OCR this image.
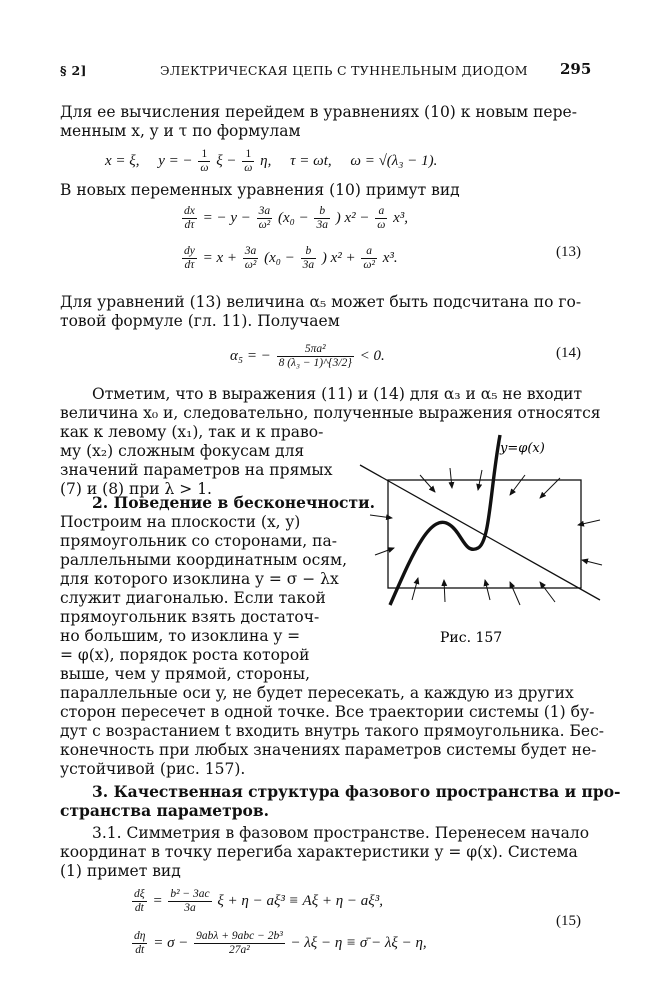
§ 2]	ЭЛЕКТРИЧЕСКАЯ ЦЕПЬ С ТУННЕЛЬНЫМ ДИОДОМ 295
Для ее вычисления перейдем в уравнениях (10) к новым пере-
менным x, y и τ по формулам
x = ξ, y = − $\frac{1}{\omega}$ $\xi - \frac{1}{\omega} \eta$, τ = ωt, ω = √(λ₃ − 1).
В новых переменных уравнения (10) примут вид
$\frac{dx}{d\tau}$ = − $y - \frac{3a}{\text{ω²}} (x_0 - \frac{b}{3a}$ ) $x^2 - \frac{a}{\omega} x^3$,
$\frac{dy}{d\tau} = x + \frac{3a}{\text{ω²}} (x_0 - \frac{b}{3a}$ ) $x^2 + \frac{a}{\text{ω²}} x^3$.	(13)
Для уравнений (13) величина α₅ может быть подсчитана по го-
товой формуле (гл. 11). Получаем
α₅ = − $\frac{\text{5πa²}}{\text{8 (λ₃ − 1)\textasciicircum{}\{3/2\}}} < 0$.	(14)
Отметим, что в выражения (11) и (14) для α₃ и α₅ не входит
величина x₀ и, следовательно, полученные выражения относятся
как к левому (x₁), так и к право-
му (x₂) сложным фокусам для
значений параметров на прямых
(7) и (8) при λ > 1.
2. Поведение в бесконечности.
Построим на плоскости (x, y)
прямоугольник со сторонами, па-
раллельными координатным осям,
для которого изоклина y = σ − λx
служит диагональю. Если такой
прямоугольник взять достаточ-
но большим, то изоклина y =
= φ(x), порядок роста которой
выше, чем у прямой, стороны,
y=φ(x)
Рис. 157
параллельные оси y, не будет пересекать, а каждую из других
сторон пересечет в одной точке. Все траектории системы (1) бу-
дут с возрастанием t входить внутрь такого прямоугольника. Бес-
конечность при любых значениях параметров системы будет не-
устойчивой (рис. 157).
3. Качественная структура фазового пространства и про-
странства параметров.
3.1. Симметрия в фазовом пространстве. Перенесем начало
координат в точку перегиба характеристики y = φ(x). Система
(1) примет вид
$\frac{d\xi}{dt} = \frac{\text{b² − 3ac}}{3a}$ ξ + η − aξ³ ≡ Aξ + η − aξ³,
$\frac{d\eta}{dt} = \sigma - \frac{\text{9abλ + 9abc − 2b³}}{\text{27a²}} - \lambda\xi - \eta$ ≡ σ̄ − λξ − η,
(15)
